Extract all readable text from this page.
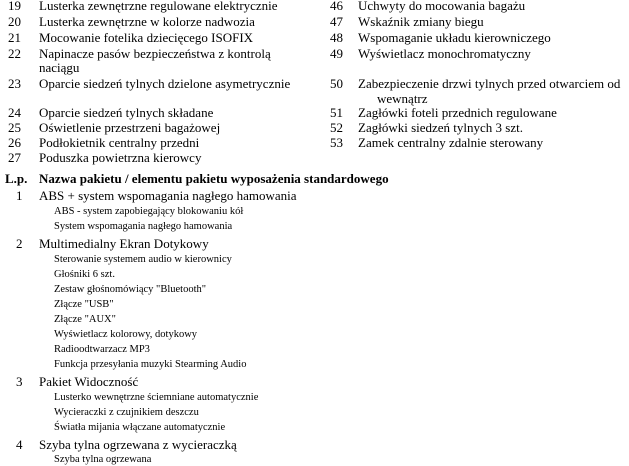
19 Lusterka zewnętrzne regulowane elektrycznie
20 Lusterka zewnętrzne w kolorze nadwozia
21 Mocowanie fotelika dziecięcego ISOFIX
22 Napinacze pasów bezpieczeństwa z kontrolą
naciągu
23 Oparcie siedzeń tylnych dzielone asymetrycznie
24 Oparcie siedzeń tylnych składane
25 Oświetlenie przestrzeni bagażowej
26 Podłokietnik centralny przedni
27 Poduszka powietrzna kierowcy
46 Uchwyty do mocowania bagażu
47 Wskaźnik zmiany biegu
48 Wspomaganie układu kierowniczego
49 Wyświetlacz monochromatyczny
50 Zabezpieczenie drzwi tylnych przed otwarciem od
wewnątrz
51 Zagłówki foteli przednich regulowane
52 Zagłówki siedzeń tylnych 3 szt.
53 Zamek centralny zdalnie sterowany
L.p. Nazwa pakietu / elementu pakietu wyposażenia standardowego
1 ABS + system wspomagania nagłego hamowania
ABS - system zapobiegający blokowaniu kół
System wspomagania nagłego hamowania
2 Multimedialny Ekran Dotykowy
Sterowanie systemem audio w kierownicy
Głośniki 6 szt.
Zestaw głośnomówiący "Bluetooth"
Złącze "USB"
Złącze "AUX"
Wyświetlacz kolorowy, dotykowy
Radioodtwarzacz MP3
Funkcja przesyłania muzyki Stearming Audio
3 Pakiet Widoczność
Lusterko wewnętrzne ściemniane automatycznie
Wycieraczki z czujnikiem deszczu
Światła mijania włączane automatycznie
4 Szyba tylna ogrzewana z wycieraczką
Szyba tylna ogrzewana
